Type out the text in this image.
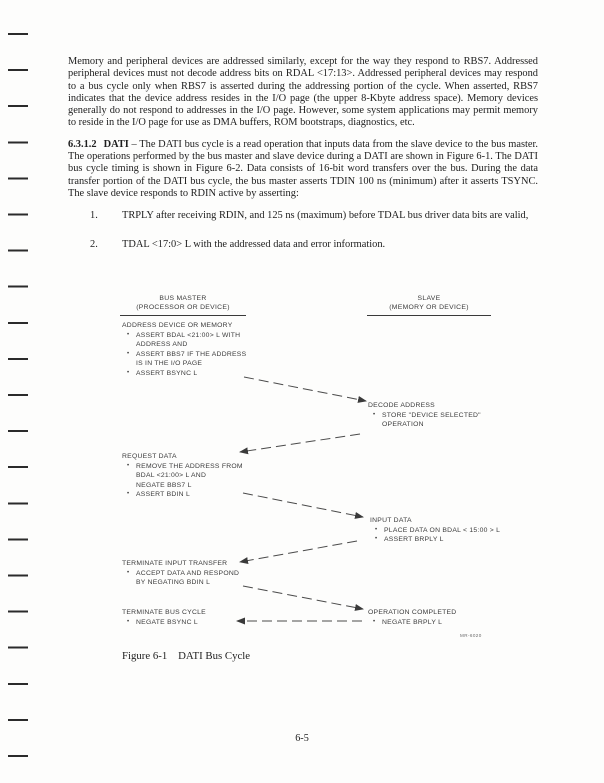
Memory and peripheral devices are addressed similarly, except for the way they respond to RBS7. Addressed peripheral devices must not decode address bits on RDAL <17:13>. Addressed peripheral devices may respond to a bus cycle only when RBS7 is asserted during the addressing portion of the cycle. When asserted, RBS7 indicates that the device address resides in the I/O page (the upper 8-Kbyte address space). Memory devices generally do not respond to addresses in the I/O page. However, some system applications may permit memory to reside in the I/O page for use as DMA buffers, ROM bootstraps, diagnostics, etc.

6.3.1.2 DATI – The DATI bus cycle is a read operation that inputs data from the slave device to the bus master. The operations performed by the bus master and slave device during a DATI are shown in Figure 6-1. The DATI bus cycle timing is shown in Figure 6-2. Data consists of 16-bit word transfers over the bus. During the data transfer portion of the DATI bus cycle, the bus master asserts TDIN 100 ns (minimum) after it asserts TSYNC. The slave device responds to RDIN active by asserting:

1.	TRPLY after receiving RDIN, and 125 ns (maximum) before TDAL bus driver data bits are valid,
2.	TDAL <17:0> L with the addressed data and error information.
BUS MASTER
(PROCESSOR OR DEVICE)
SLAVE
(MEMORY OR DEVICE)
ADDRESS DEVICE OR MEMORY
• ASSERT BDAL <21:00> L WITH
ADDRESS AND
• ASSERT BBS7 IF THE ADDRESS
IS IN THE I/O PAGE
• ASSERT BSYNC L
DECODE ADDRESS
• STORE "DEVICE SELECTED"
OPERATION
REQUEST DATA
• REMOVE THE ADDRESS FROM
BDAL <21:00> L AND
NEGATE BBS7 L
• ASSERT BDIN L
INPUT DATA
• PLACE DATA ON BDAL < 15:00 > L
• ASSERT BRPLY L
TERMINATE INPUT TRANSFER
• ACCEPT DATA AND RESPOND
BY NEGATING BDIN L
TERMINATE BUS CYCLE
• NEGATE BSYNC L
OPERATION COMPLETED
• NEGATE BRPLY L
MR-6020
Figure 6-1    DATI Bus Cycle
6-5
